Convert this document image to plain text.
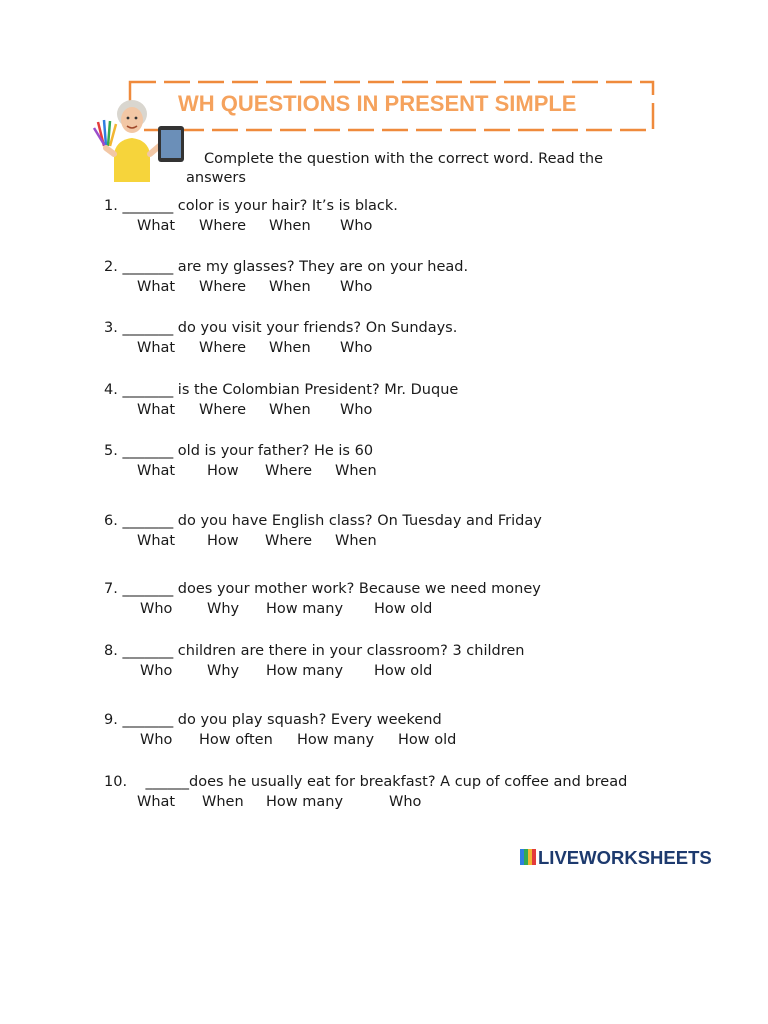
WH QUESTIONS IN PRESENT SIMPLE
Complete the question with the correct word. Read the
answers
1. _______ color is your hair? It’s is black.
What Where When Who
2. _______ are my glasses? They are on your head.
What Where When Who
3. _______ do you visit your friends? On Sundays.
What Where When Who
4. _______ is the Colombian President? Mr. Duque
What Where When Who
5. _______ old is your father? He is 60
What How Where When
6. _______ do you have English class? On Tuesday and Friday
What How Where When
7. _______ does your mother work? Because we need money
Who Why How many How old
8. _______ children are there in your classroom? 3 children
Who Why How many How old
9. _______ do you play squash? Every weekend
Who How often How many How old
10.    ______does he usually eat for breakfast? A cup of coffee and bread
What When How many	Who
LIVEWORKSHEETS
